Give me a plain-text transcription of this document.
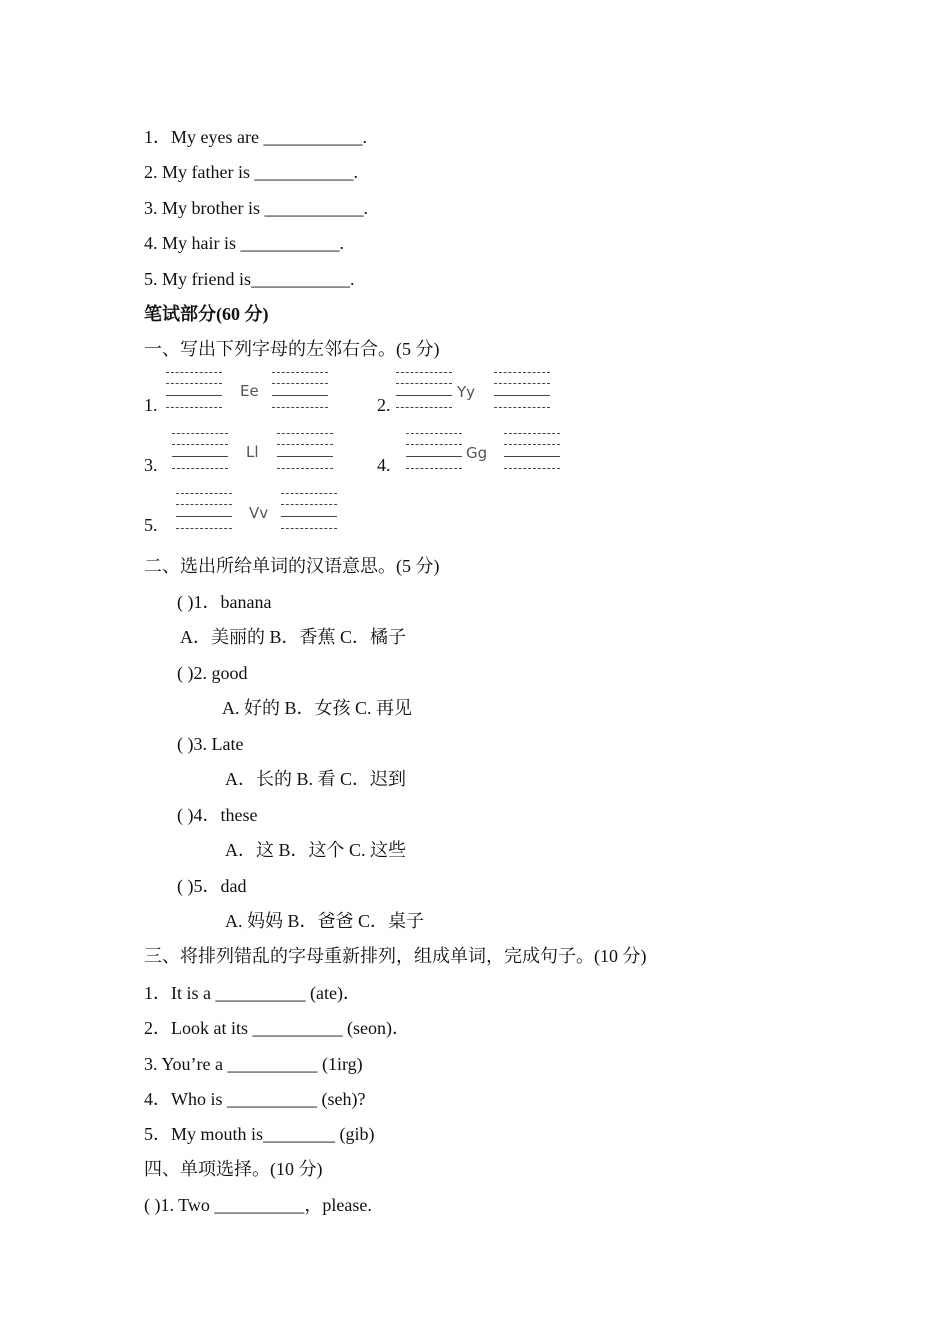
1．My eyes are ___________.
2. My father is ___________.
3. My brother is ___________.
4. My hair is ___________.
5. My friend is___________.
笔试部分(60 分)
一、写出下列字母的左邻右合。(5 分)
1.
Ee
2.
Yy
3.
Ll
4.
Gg
5.
Vv
二、选出所给单词的汉语意思。(5 分)
( )1．banana
A．美丽的 B．香蕉 C．橘子
( )2. good
A. 好的 B．女孩 C. 再见
( )3. Late
A．长的 B. 看 C．迟到
( )4．these
A．这 B．这个 C. 这些
( )5．dad
A. 妈妈 B．爸爸 C．桌子
三、将排列错乱的字母重新排列，组成单词，完成句子。(10 分)
1．It is a __________ (ate)．
2．Look at its __________ (seon)．
3. You’re a __________ (1irg)
4．Who is __________ (seh)?
5．My mouth is________ (gib)
四、单项选择。(10 分)
( )1. Two __________，please.
